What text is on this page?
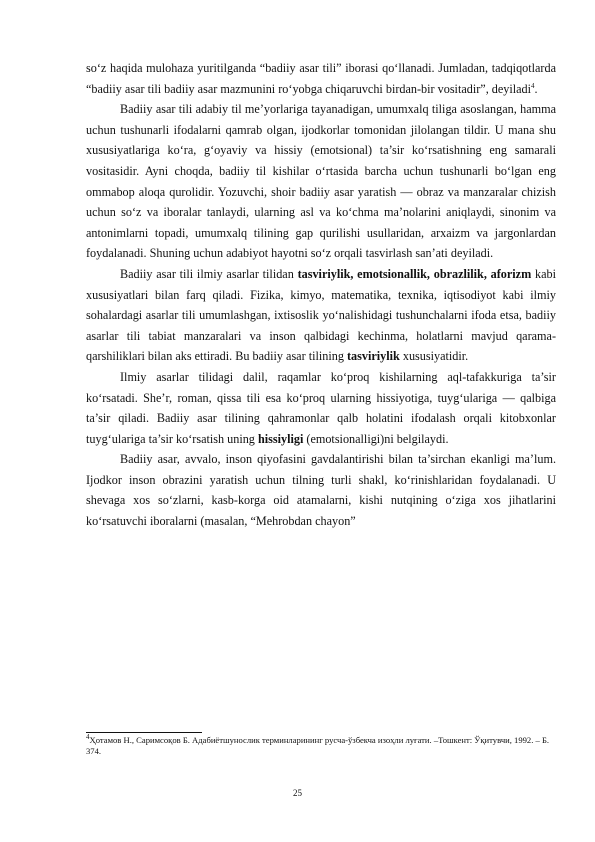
so‘z haqida mulohaza yuritilganda “badiiy asar tili” iborasi qo‘llanadi. Jumladan, tadqiqotlarda “badiiy asar tili badiiy asar mazmunini ro‘yobga chiqaruvchi birdan-bir vositadir”, deyiladi$^4$.

Badiiy asar tili adabiy til me’yorlariga tayanadigan, umumxalq tiliga asoslangan, hamma uchun tushunarli ifodalarni qamrab olgan, ijodkorlar tomonidan jilolangan tildir. U mana shu xususiyatlariga ko‘ra, g‘oyaviy va hissiy (emotsional) ta’sir ko‘rsatishning eng samarali vositasidir. Ayni choqda, badiiy til kishilar o‘rtasida barcha uchun tushunarli bo‘lgan eng ommabop aloqa qurolidir. Yozuvchi, shoir badiiy asar yaratish — obraz va manzaralar chizish uchun so‘z va iboralar tanlaydi, ularning asl va ko‘chma ma’nolarini aniqlaydi, sinonim va antonimlarni topadi, umumxalq tilining gap qurilishi usullaridan, arxaizm va jargonlardan foydalanadi. Shuning uchun adabiyot hayotni so‘z orqali tasvirlash san’ati deyiladi.

Badiiy asar tili ilmiy asarlar tilidan tasviriylik, emotsionallik, obrazlilik, aforizm kabi xususiyatlari bilan farq qiladi. Fizika, kimyo, matematika, texnika, iqtisodiyot kabi ilmiy sohalardagi asarlar tili umumlashgan, ixtisoslik yo‘nalishidagi tushunchalarni ifoda etsa, badiiy asarlar tili tabiat manzaralari va inson qalbidagi kechinma, holatlarni mavjud qarama-qarshiliklari bilan aks ettiradi. Bu badiiy asar tilining tasviriylik xususiyatidir.

Ilmiy asarlar tilidagi dalil, raqamlar ko‘proq kishilarning aql-tafakkuriga ta’sir ko‘rsatadi. She’r, roman, qissa tili esa ko‘proq ularning hissiyotiga, tuyg‘ulariga — qalbiga ta’sir qiladi. Badiiy asar tilining qahramonlar qalb holatini ifodalash orqali kitobxonlar tuyg‘ulariga ta’sir ko‘rsatish uning hissiyligi (emotsionalligi)ni belgilaydi.

Badiiy asar, avvalo, inson qiyofasini gavdalantirishi bilan ta’sirchan ekanligi ma’lum. Ijodkor inson obrazini yaratish uchun tilning turli shakl, ko‘rinishlaridan foydalanadi. U shevaga xos so‘zlarni, kasb-korga oid atamalarni, kishi nutqining o‘ziga xos jihatlarini ko‘rsatuvchi iboralarni (masalan, “Mehrobdan chayon”

$^4$Ҳотамов Н., Саримсоқов Б. Адабиётшунослик терминларининг русча-ўзбекча изоҳли луғати. –Тошкент: Ўқитувчи, 1992. – Б. 374.
25
